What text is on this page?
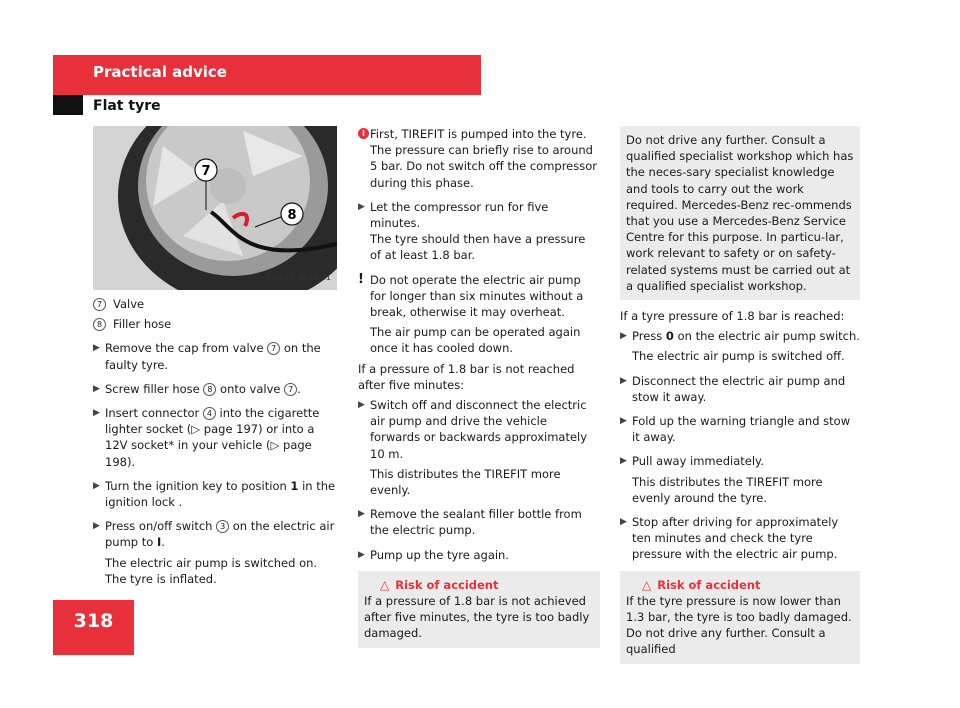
Practical advice
Flat tyre
318
7
8
P40.10-4844-31
7 Valve
8 Filler hose
▶ Remove the cap from valve 7 on the faulty tyre.
▶ Screw filler hose 8 onto valve 7 .
▶ Insert connector 4 into the cigarette lighter socket (▷ page 197) or into a 12V socket* in your vehicle (▷ page 198).
▶ Turn the ignition key to position 1 in the ignition lock .
▶ Press on/off switch 3 on the electric air pump to I.

The electric air pump is switched on. The tyre is inflated.

i First, TIREFIT is pumped into the tyre. The pressure can briefly rise to around 5 bar. Do not switch off the compressor during this phase.
▶ Let the compressor run for five minutes.

The tyre should then have a pressure of at least 1.8 bar.

! Do not operate the electric air pump for longer than six minutes without a break, otherwise it may overheat.

The air pump can be operated again once it has cooled down.

If a pressure of 1.8 bar is not reached after five minutes:

▶ Switch off and disconnect the electric air pump and drive the vehicle forwards or backwards approximately 10 m.

This distributes the TIREFIT more evenly.

▶ Remove the sealant filler bottle from the electric pump.
▶ Pump up the tyre again.
△ Risk of accident

If a pressure of 1.8 bar is not achieved after five minutes, the tyre is too badly damaged.

Do not drive any further. Consult a qualified specialist workshop which has the neces-sary specialist knowledge and tools to carry out the work required. Mercedes-Benz rec-ommends that you use a Mercedes-Benz Service Centre for this purpose. In particu-lar, work relevant to safety or on safety-related systems must be carried out at a qualified specialist workshop.

If a tyre pressure of 1.8 bar is reached:

▶ Press 0 on the electric air pump switch.

The electric air pump is switched off.

▶ Disconnect the electric air pump and stow it away.
▶ Fold up the warning triangle and stow it away.
▶ Pull away immediately.

This distributes the TIREFIT more evenly around the tyre.

▶ Stop after driving for approximately ten minutes and check the tyre pressure with the electric air pump.
△ Risk of accident

If the tyre pressure is now lower than 1.3 bar, the tyre is too badly damaged. Do not drive any further. Consult a qualified
